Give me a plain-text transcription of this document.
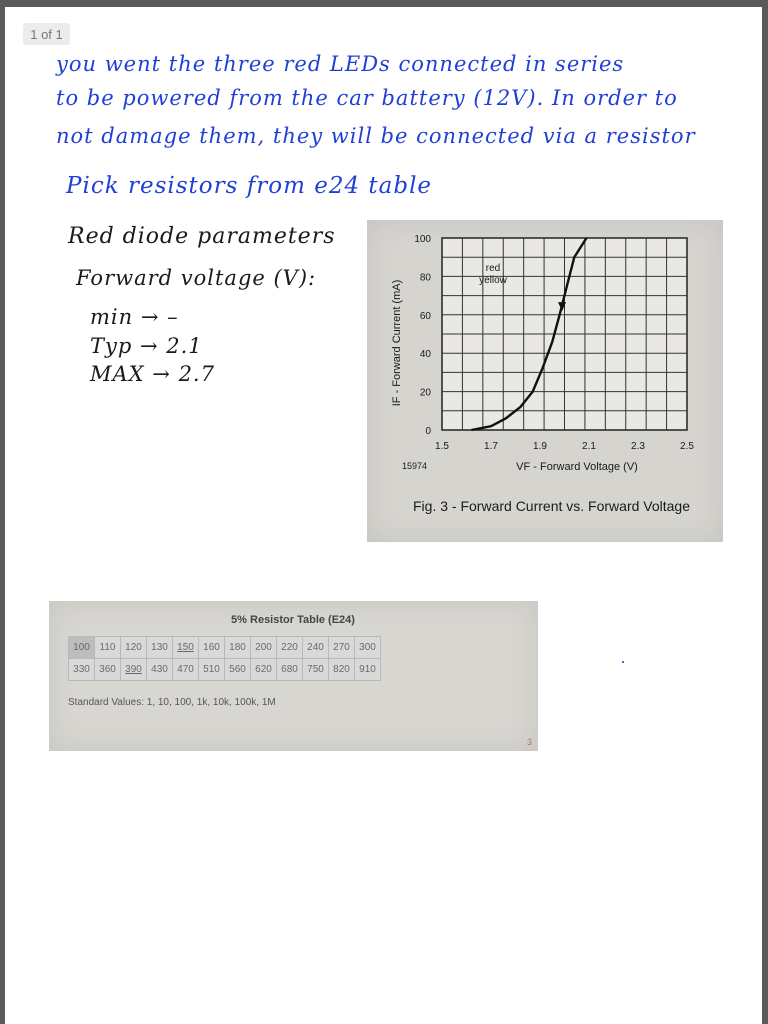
1 of 1
you went the three red LEDs connected in series
to be powered from the car battery (12V). In order to
not damage them, they will be connected via a resistor
Pick resistors from e24 table
Red diode parameters
Forward voltage (V):
min → –
Typ → 2.1
MAX → 2.7
1.5	1.7	1.9	2.1	2.3	2.5
0
20
40
60
80
100
VF - Forward Voltage (V)
IF - Forward Current (mA)
15974
red
yellow
Fig. 3 - Forward Current vs. Forward Voltage
5% Resistor Table (E24)
100	110	120	130	150	160	180	200	220	240	270	300
330	360	390	430	470	510	560	620	680	750	820	910
Standard Values: 1, 10, 100, 1k, 10k, 100k, 1M
3
